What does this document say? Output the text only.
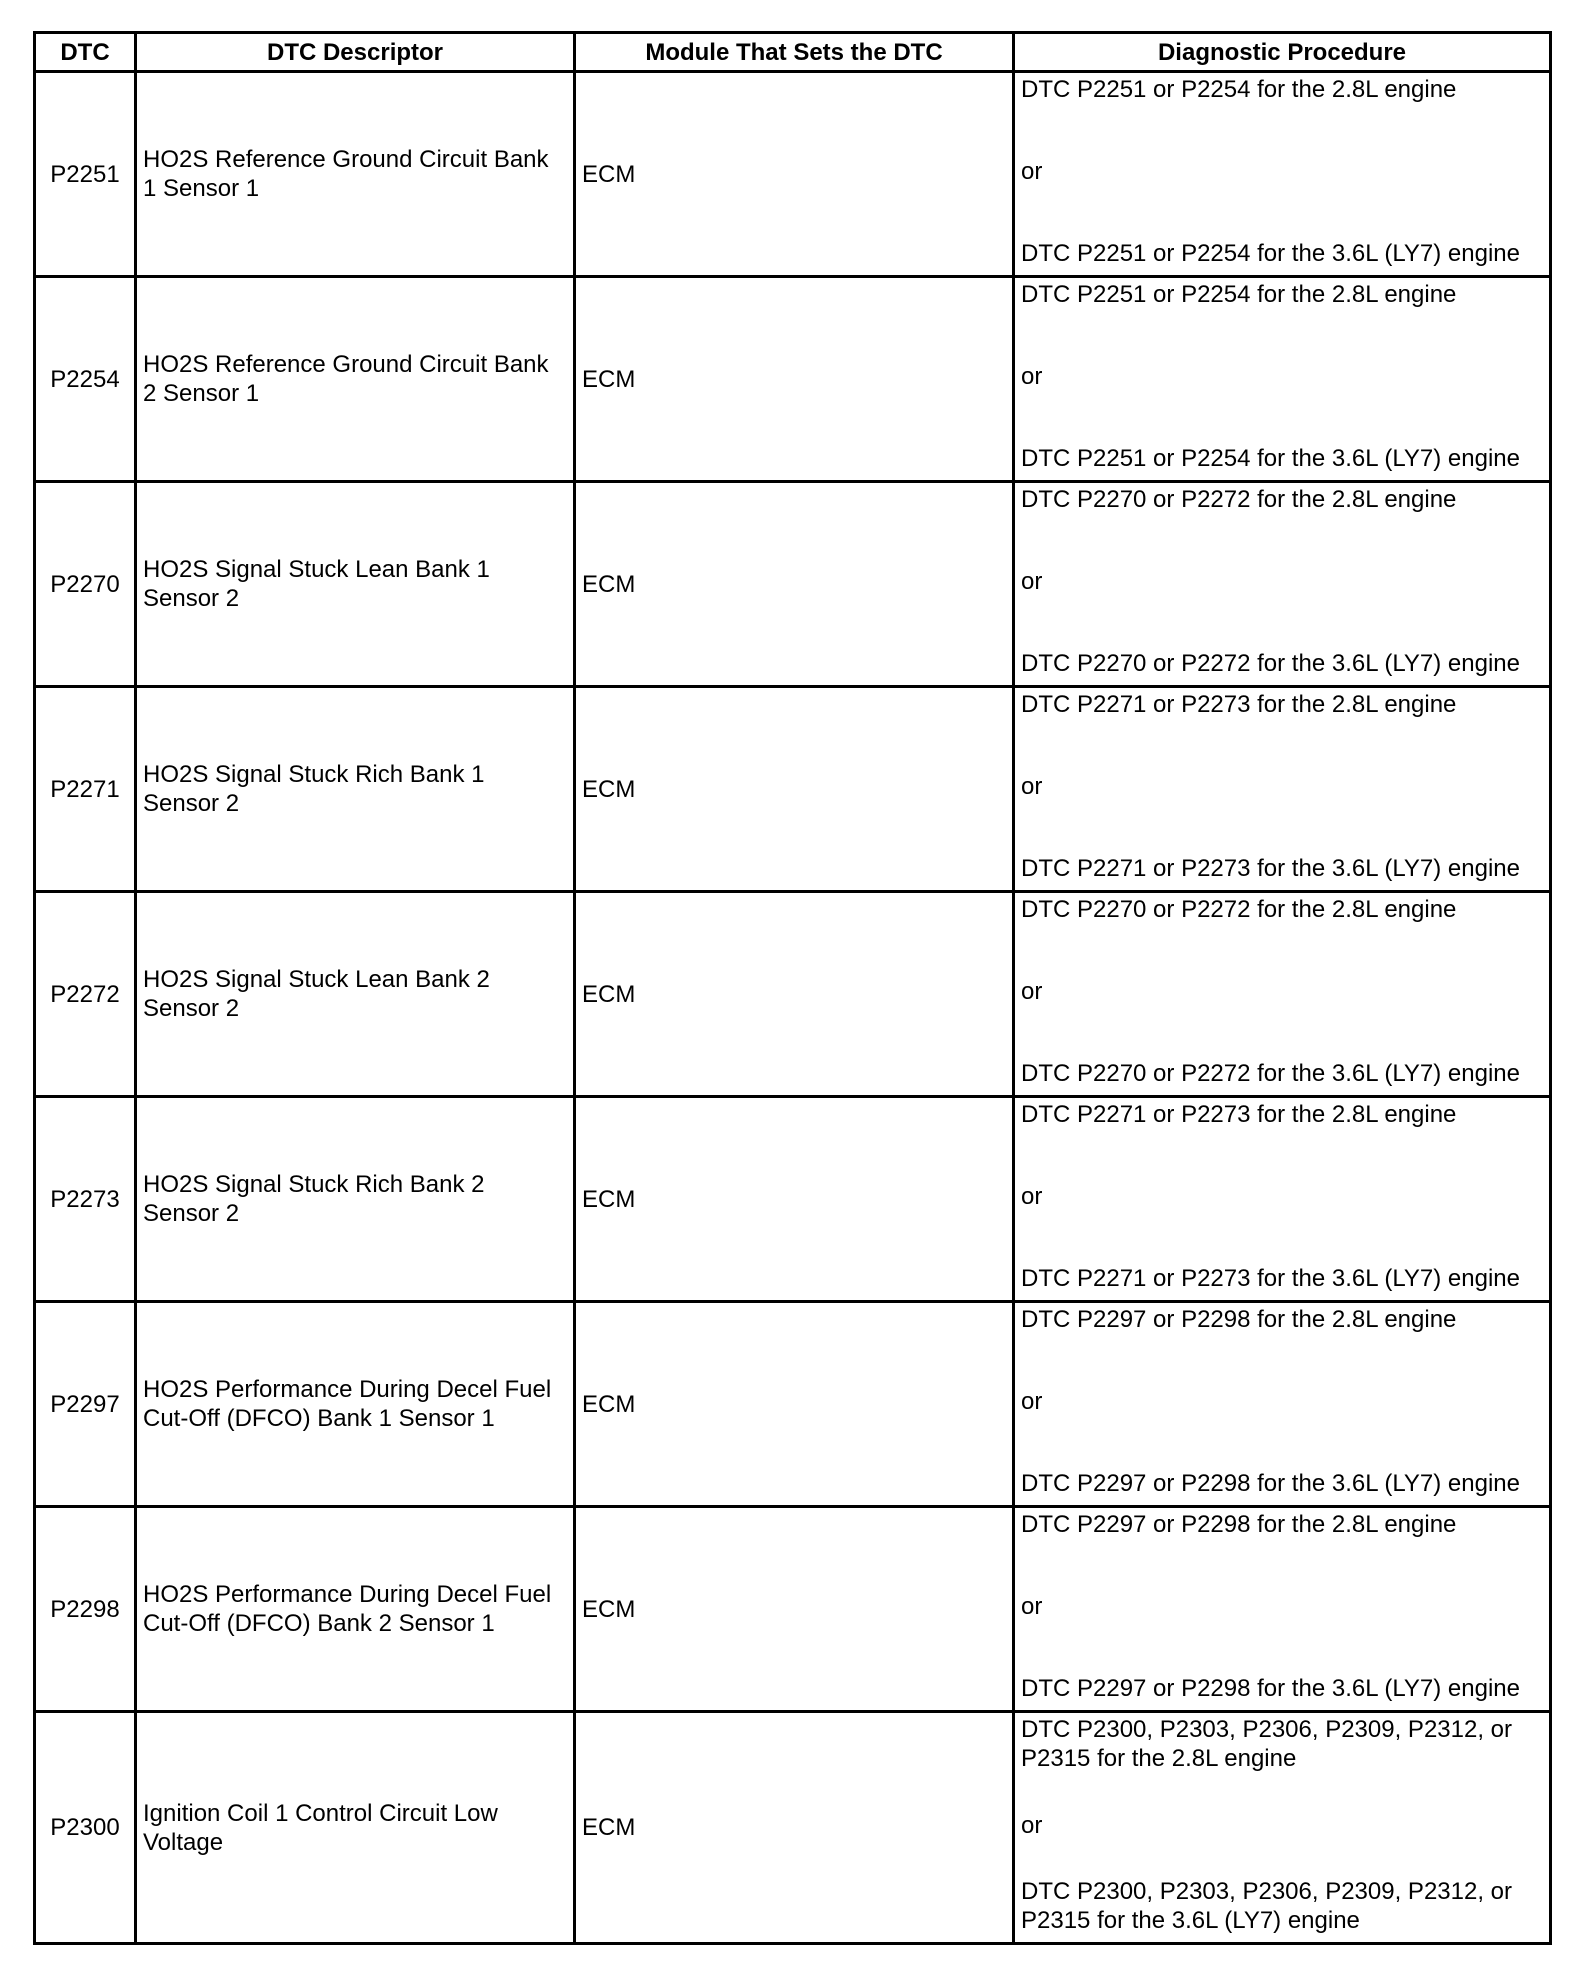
DTC	DTC Descriptor	Module That Sets the DTC	Diagnostic Procedure
P2251	HO2S Reference Ground Circuit Bank 1 Sensor 1	ECM	DTC P2251 or P2254 for the 2.8L engine
or
DTC P2251 or P2254 for the 3.6L (LY7) engine

P2254	HO2S Reference Ground Circuit Bank 2 Sensor 1	ECM	DTC P2251 or P2254 for the 2.8L engine
or
DTC P2251 or P2254 for the 3.6L (LY7) engine

P2270	HO2S Signal Stuck Lean Bank 1 Sensor 2	ECM	DTC P2270 or P2272 for the 2.8L engine
or
DTC P2270 or P2272 for the 3.6L (LY7) engine

P2271	HO2S Signal Stuck Rich Bank 1 Sensor 2	ECM	DTC P2271 or P2273 for the 2.8L engine
or
DTC P2271 or P2273 for the 3.6L (LY7) engine

P2272	HO2S Signal Stuck Lean Bank 2 Sensor 2	ECM	DTC P2270 or P2272 for the 2.8L engine
or
DTC P2270 or P2272 for the 3.6L (LY7) engine

P2273	HO2S Signal Stuck Rich Bank 2 Sensor 2	ECM	DTC P2271 or P2273 for the 2.8L engine
or
DTC P2271 or P2273 for the 3.6L (LY7) engine

P2297	HO2S Performance During Decel Fuel Cut-Off (DFCO) Bank 1 Sensor 1	ECM	DTC P2297 or P2298 for the 2.8L engine
or
DTC P2297 or P2298 for the 3.6L (LY7) engine

P2298	HO2S Performance During Decel Fuel Cut-Off (DFCO) Bank 2 Sensor 1	ECM	DTC P2297 or P2298 for the 2.8L engine
or
DTC P2297 or P2298 for the 3.6L (LY7) engine

P2300	Ignition Coil 1 Control Circuit Low Voltage	ECM	DTC P2300, P2303, P2306, P2309, P2312, or P2315 for the 2.8L engine
or
DTC P2300, P2303, P2306, P2309, P2312, or P2315 for the 3.6L (LY7) engine
